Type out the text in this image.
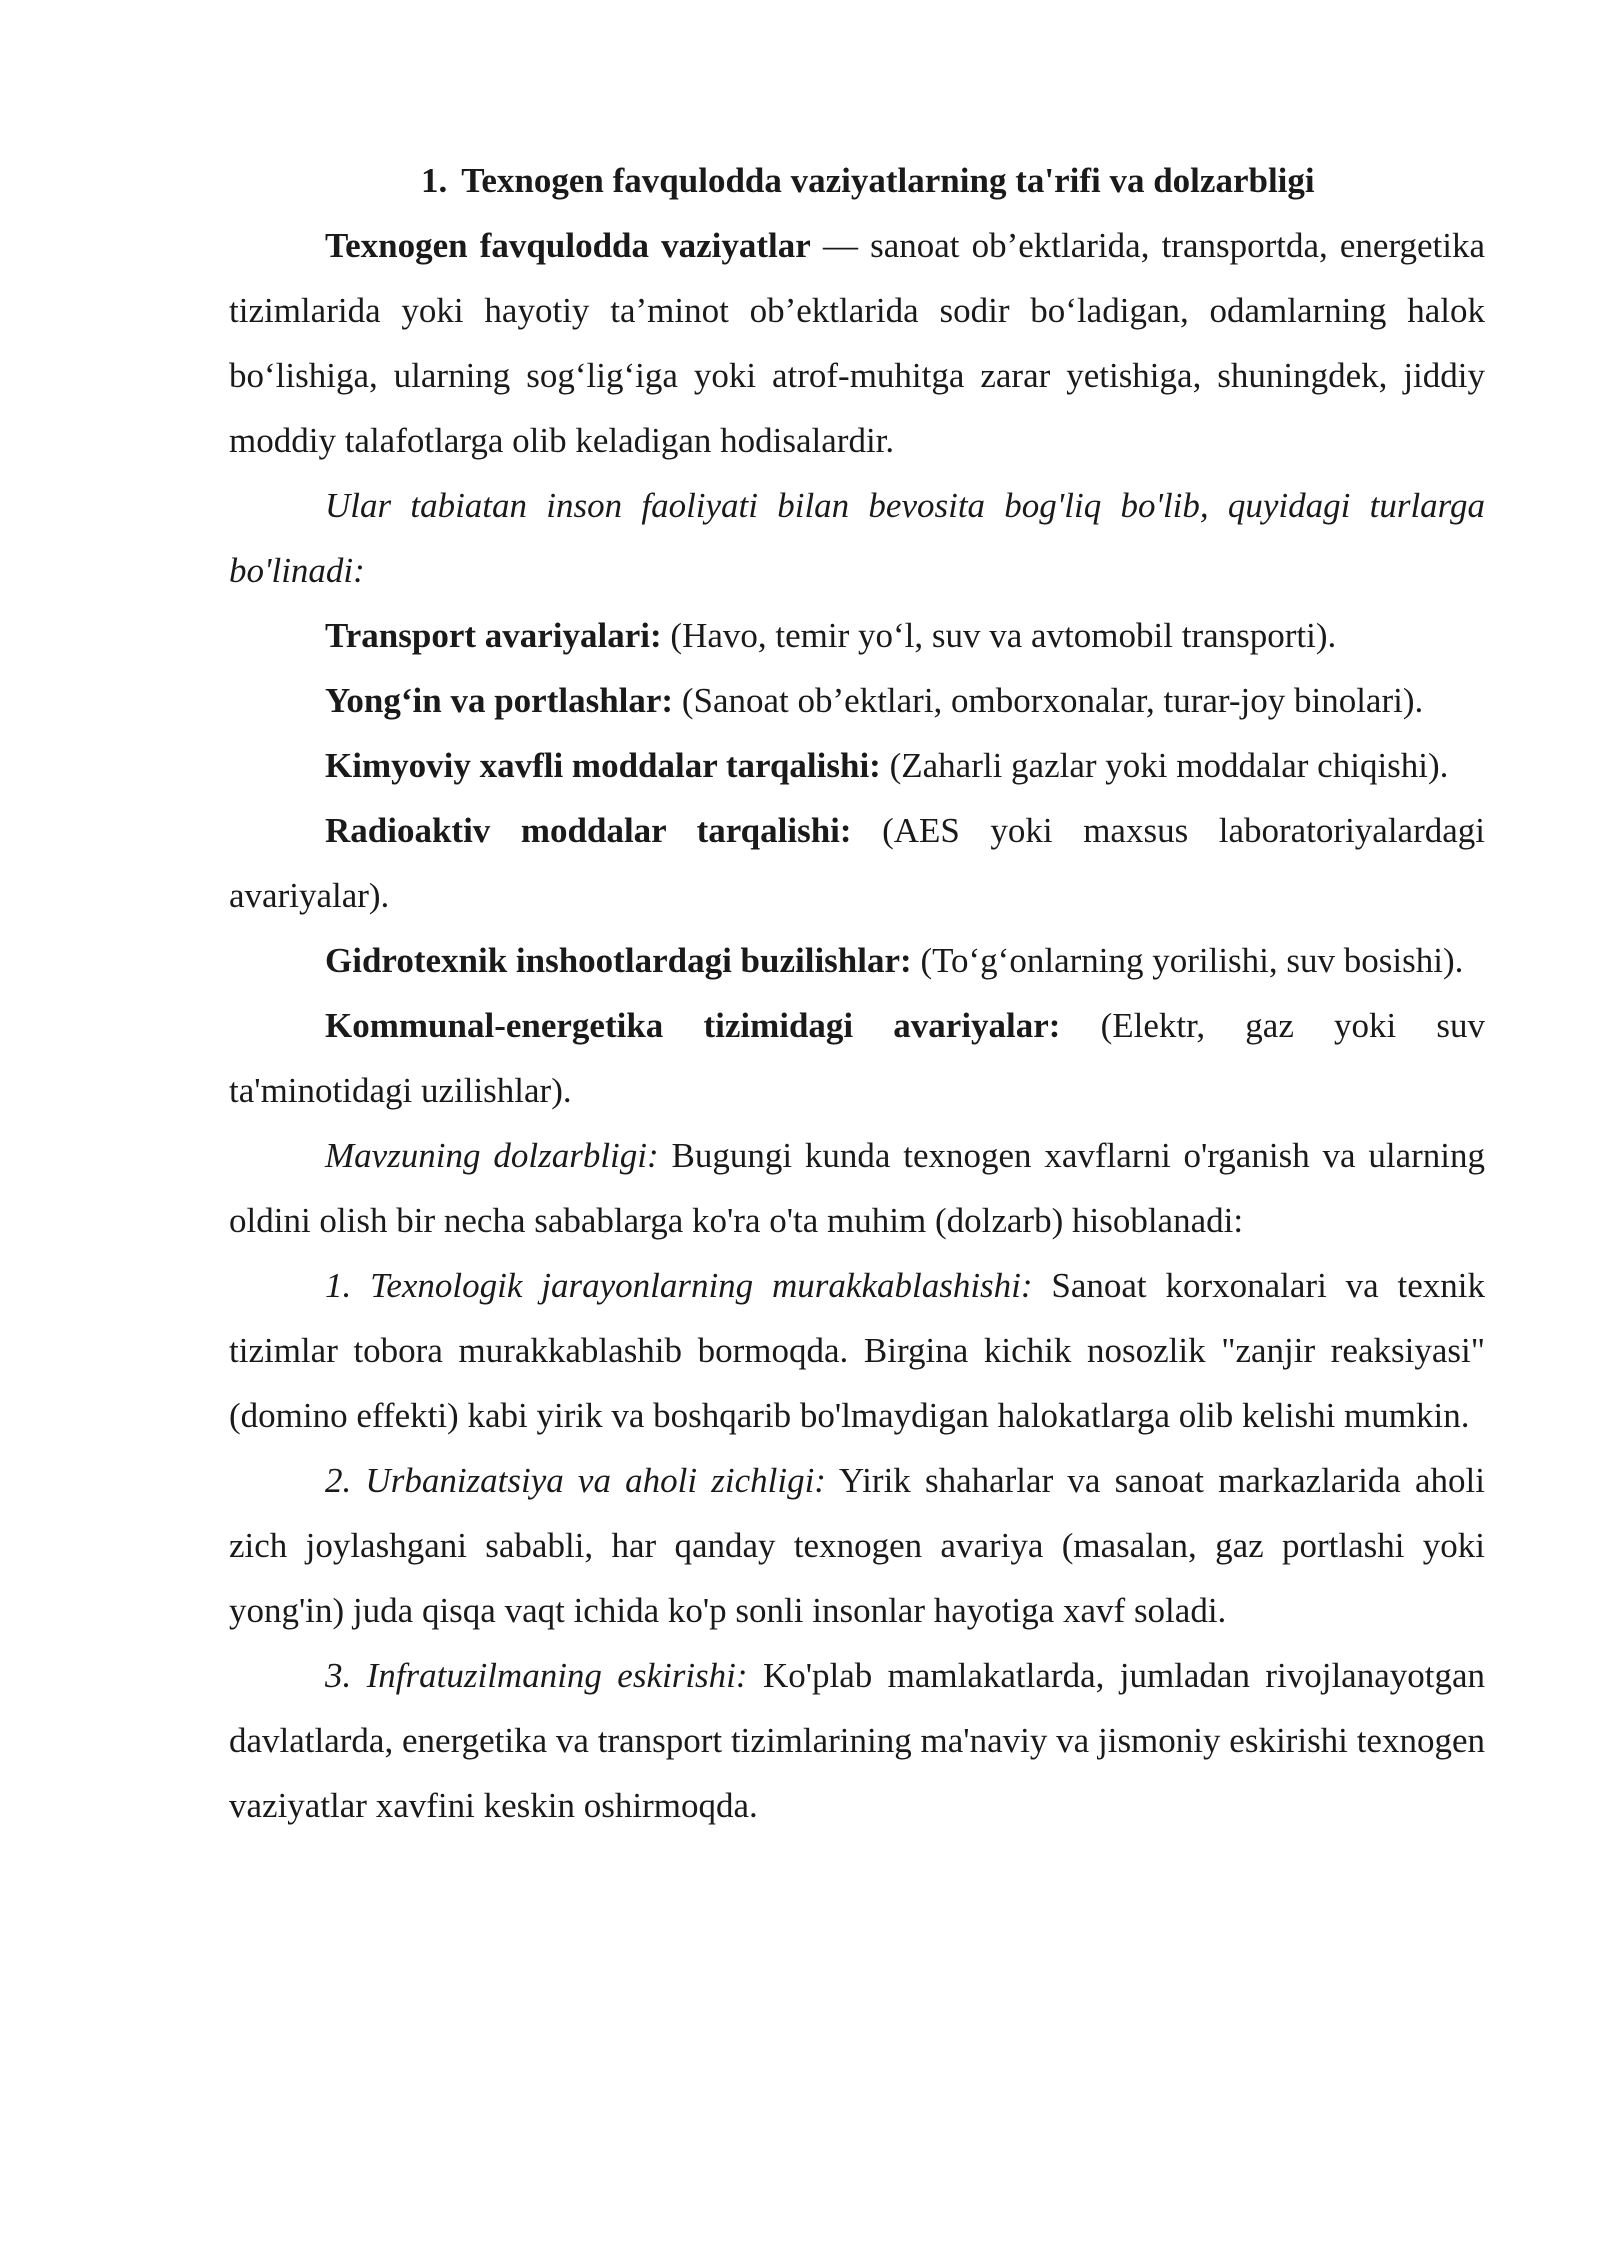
1. Texnogen favqulodda vaziyatlarning ta'rifi va dolzarbligi

Texnogen favqulodda vaziyatlar — sanoat ob’ektlarida, transportda, energetika tizimlarida yoki hayotiy ta’minot ob’ektlarida sodir bo‘ladigan, odamlarning halok bo‘lishiga, ularning sog‘lig‘iga yoki atrof-muhitga zarar yetishiga, shuningdek, jiddiy moddiy talafotlarga olib keladigan hodisalardir.

Ular tabiatan inson faoliyati bilan bevosita bog'liq bo'lib, quyidagi turlarga bo'linadi:

Transport avariyalari: (Havo, temir yo‘l, suv va avtomobil transporti).

Yong‘in va portlashlar: (Sanoat ob’ektlari, omborxonalar, turar-joy binolari).

Kimyoviy xavfli moddalar tarqalishi: (Zaharli gazlar yoki moddalar chiqishi).

Radioaktiv moddalar tarqalishi: (AES yoki maxsus laboratoriyalardagi avariyalar).

Gidrotexnik inshootlardagi buzilishlar: (To‘g‘onlarning yorilishi, suv bosishi).

Kommunal-energetika tizimidagi avariyalar: (Elektr, gaz yoki suv ta'minotidagi uzilishlar).

Mavzuning dolzarbligi: Bugungi kunda texnogen xavflarni o'rganish va ularning oldini olish bir necha sabablarga ko'ra o'ta muhim (dolzarb) hisoblanadi:

1. Texnologik jarayonlarning murakkablashishi: Sanoat korxonalari va texnik tizimlar tobora murakkablashib bormoqda. Birgina kichik nosozlik "zanjir reaksiyasi" (domino effekti) kabi yirik va boshqarib bo'lmaydigan halokatlarga olib kelishi mumkin.

2. Urbanizatsiya va aholi zichligi: Yirik shaharlar va sanoat markazlarida aholi zich joylashgani sababli, har qanday texnogen avariya (masalan, gaz portlashi yoki yong'in) juda qisqa vaqt ichida ko'p sonli insonlar hayotiga xavf soladi.

3. Infratuzilmaning eskirishi: Ko'plab mamlakatlarda, jumladan rivojlanayotgan davlatlarda, energetika va transport tizimlarining ma'naviy va jismoniy eskirishi texnogen vaziyatlar xavfini keskin oshirmoqda.
